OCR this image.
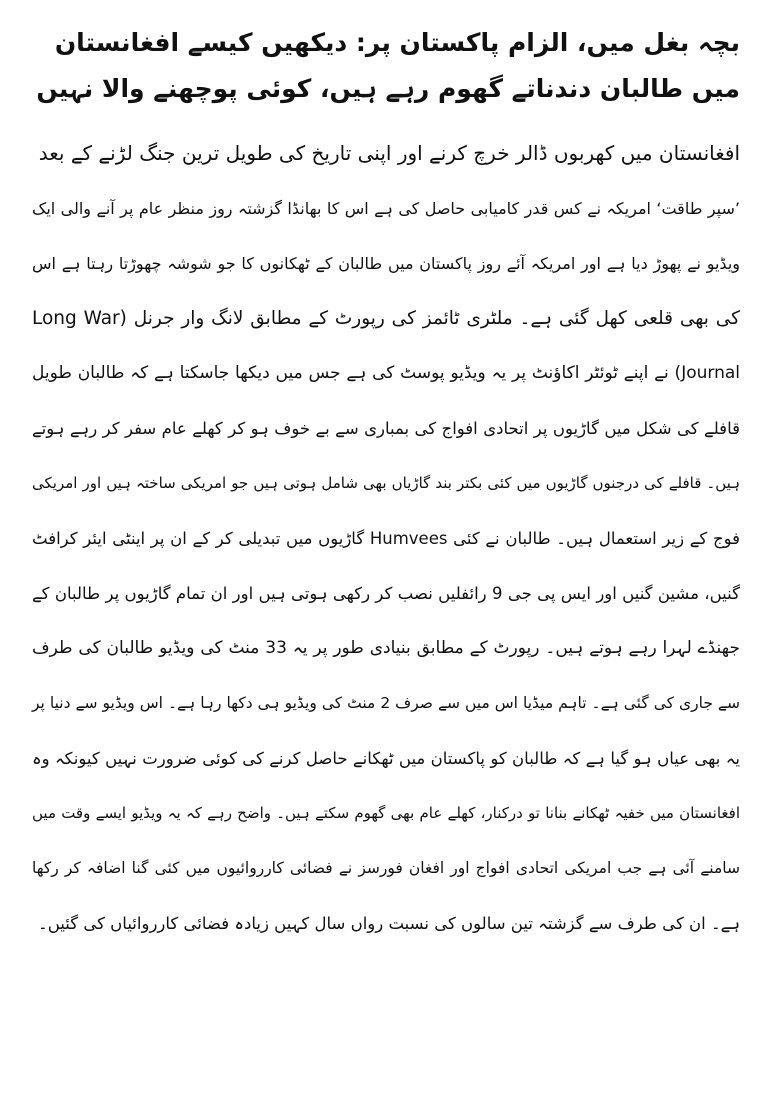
بچہ بغل میں، الزام پاکستان پر: دیکھیں کیسے افغانستان میں طالبان دندناتے گھوم رہے ہیں، کوئی پوچھنے والا نہیں
افغانستان میں کھربوں ڈالر خرچ کرنے اور اپنی تاریخ کی طویل ترین جنگ لڑنے کے بعد
’سپر طاقت‘ امریکہ نے کس قدر کامیابی حاصل کی ہے اس کا بھانڈا گزشتہ روز منظر عام پر آنے والی ایک
ویڈیو نے پھوڑ دیا ہے اور امریکہ آئے روز پاکستان میں طالبان کے ٹھکانوں کا جو شوشہ چھوڑتا رہتا ہے اس
کی بھی قلعی کھل گئی ہے۔ ملٹری ٹائمز کی رپورٹ کے مطابق لانگ وار جرنل (Long War
Journal) نے اپنے ٹوئٹر اکاؤنٹ پر یہ ویڈیو پوسٹ کی ہے جس میں دیکھا جاسکتا ہے کہ طالبان طویل
قافلے کی شکل میں گاڑیوں پر اتحادی افواج کی بمباری سے بے خوف ہو کر کھلے عام سفر کر رہے ہوتے
ہیں۔ قافلے کی درجنوں گاڑیوں میں کئی بکتر بند گاڑیاں بھی شامل ہوتی ہیں جو امریکی ساختہ ہیں اور امریکی
فوج کے زیر استعمال ہیں۔ طالبان نے کئی Humvees گاڑیوں میں تبدیلی کر کے ان پر اینٹی ایئر کرافٹ
گنیں، مشین گنیں اور ایس پی جی 9 رائفلیں نصب کر رکھی ہوتی ہیں اور ان تمام گاڑیوں پر طالبان کے
جھنڈے لہرا رہے ہوتے ہیں۔ رپورٹ کے مطابق بنیادی طور پر یہ 33 منٹ کی ویڈیو طالبان کی طرف
سے جاری کی گئی ہے۔ تاہم میڈیا اس میں سے صرف 2 منٹ کی ویڈیو ہی دکھا رہا ہے۔ اس ویڈیو سے دنیا پر
یہ بھی عیاں ہو گیا ہے کہ طالبان کو پاکستان میں ٹھکانے حاصل کرنے کی کوئی ضرورت نہیں کیونکہ وہ
افغانستان میں خفیہ ٹھکانے بنانا تو درکنار، کھلے عام بھی گھوم سکتے ہیں۔ واضح رہے کہ یہ ویڈیو ایسے وقت میں
سامنے آئی ہے جب امریکی اتحادی افواج اور افغان فورسز نے فضائی کارروائیوں میں کئی گنا اضافہ کر رکھا
ہے۔ ان کی طرف سے گزشتہ تین سالوں کی نسبت رواں سال کہیں زیادہ فضائی کارروائیاں کی گئیں۔
